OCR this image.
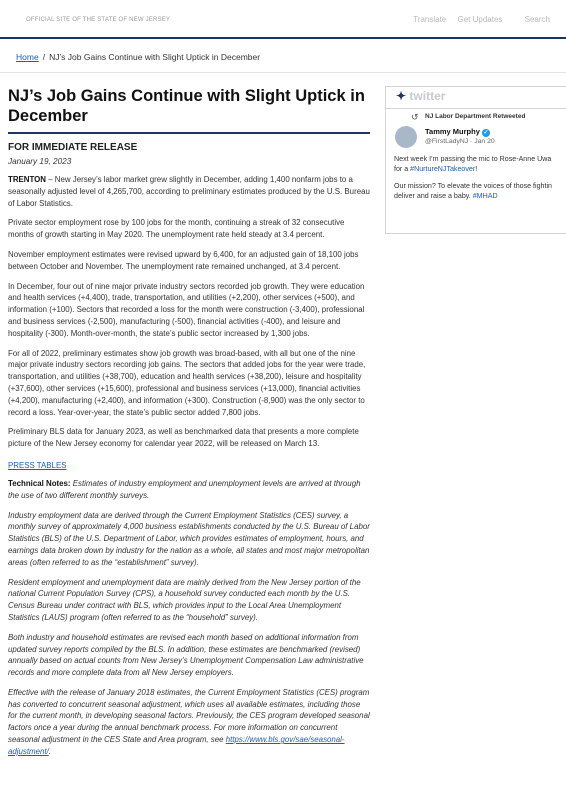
OFFICIAL SITE OF THE STATE OF NEW JERSEY	Translate Get Updates	Search
Home / NJ’s Job Gains Continue with Slight Uptick in December
NJ’s Job Gains Continue with Slight Uptick in December
FOR IMMEDIATE RELEASE
January 19, 2023
TRENTON – New Jersey’s labor market grew slightly in December, adding 1,400 nonfarm jobs to a seasonally adjusted level of 4,265,700, according to preliminary estimates produced by the U.S. Bureau of Labor Statistics.
Private sector employment rose by 100 jobs for the month, continuing a streak of 32 consecutive months of growth starting in May 2020. The unemployment rate held steady at 3.4 percent.
November employment estimates were revised upward by 6,400, for an adjusted gain of 18,100 jobs between October and November. The unemployment rate remained unchanged, at 3.4 percent.
In December, four out of nine major private industry sectors recorded job growth. They were education and health services (+4,400), trade, transportation, and utilities (+2,200), other services (+500), and information (+100). Sectors that recorded a loss for the month were construction (-3,400), professional and business services (-2,500), manufacturing (-500), financial activities (-400), and leisure and hospitality (-300). Month-over-month, the state’s public sector increased by 1,300 jobs.
For all of 2022, preliminary estimates show job growth was broad-based, with all but one of the nine major private industry sectors recording job gains. The sectors that added jobs for the year were trade, transportation, and utilities (+38,700), education and health services (+38,200), leisure and hospitality (+37,600), other services (+15,600), professional and business services (+13,000), financial activities (+4,200), manufacturing (+2,400), and information (+300). Construction (-8,900) was the only sector to record a loss. Year-over-year, the state’s public sector added 7,800 jobs.
Preliminary BLS data for January 2023, as well as benchmarked data that presents a more complete picture of the New Jersey economy for calendar year 2022, will be released on March 13.
PRESS TABLES
Technical Notes: Estimates of industry employment and unemployment levels are arrived at through the use of two different monthly surveys.
Industry employment data are derived through the Current Employment Statistics (CES) survey, a monthly survey of approximately 4,000 business establishments conducted by the U.S. Bureau of Labor Statistics (BLS) of the U.S. Department of Labor, which provides estimates of employment, hours, and earnings data broken down by industry for the nation as a whole, all states and most major metropolitan areas (often referred to as the “establishment” survey).
Resident employment and unemployment data are mainly derived from the New Jersey portion of the national Current Population Survey (CPS), a household survey conducted each month by the U.S. Census Bureau under contract with BLS, which provides input to the Local Area Unemployment Statistics (LAUS) program (often referred to as the “household” survey).
Both industry and household estimates are revised each month based on additional information from updated survey reports compiled by the BLS. In addition, these estimates are benchmarked (revised) annually based on actual counts from New Jersey’s Unemployment Compensation Law administrative records and more complete data from all New Jersey employers.
Effective with the release of January 2018 estimates, the Current Employment Statistics (CES) program has converted to concurrent seasonal adjustment, which uses all available estimates, including those for the current month, in developing seasonal factors. Previously, the CES program developed seasonal factors once a year during the annual benchmark process. For more information on concurrent seasonal adjustment in the CES State and Area program, see https://www.bls.gov/sae/seasonal-adjustment/.
✦ twitter
↺ NJ Labor Department Retweeted
Tammy Murphy ✓
@FirstLadyNJ · Jan 20
Next week I’m passing the mic to Rose-Anne Uwa
for a #NurtureNJTakeover!
Our mission? To elevate the voices of those fightin
deliver and raise a baby. #MHAD
